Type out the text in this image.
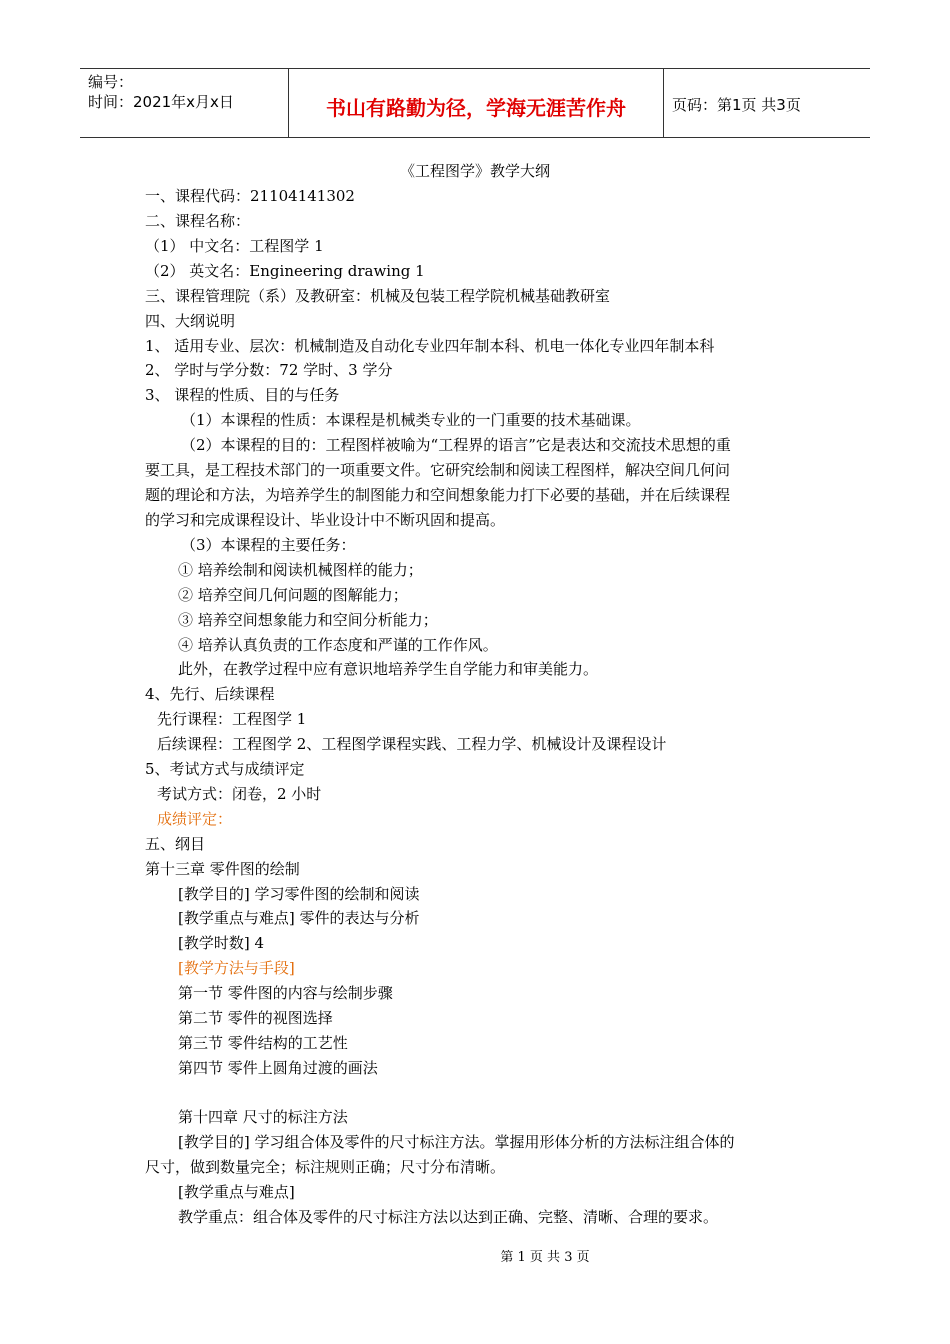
编号：
时间：2021年x月x日	书山有路勤为径，学海无涯苦作舟	页码：第1页 共3页
《工程图学》教学大纲
一、课程代码：21104141302
二、课程名称：
（1） 中文名：工程图学 1
（2） 英文名：Engineering drawing 1
三、课程管理院（系）及教研室：机械及包装工程学院机械基础教研室
四、大纲说明
1、 适用专业、层次：机械制造及自动化专业四年制本科、机电一体化专业四年制本科
2、 学时与学分数：72 学时、3 学分
3、 课程的性质、目的与任务
（1）本课程的性质：本课程是机械类专业的一门重要的技术基础课。
（2）本课程的目的：工程图样被喻为“工程界的语言”它是表达和交流技术思想的重
要工具，是工程技术部门的一项重要文件。它研究绘制和阅读工程图样，解决空间几何问
题的理论和方法，为培养学生的制图能力和空间想象能力打下必要的基础，并在后续课程
的学习和完成课程设计、毕业设计中不断巩固和提高。
（3）本课程的主要任务：
① 培养绘制和阅读机械图样的能力；
② 培养空间几何问题的图解能力；
③ 培养空间想象能力和空间分析能力；
④ 培养认真负责的工作态度和严谨的工作作风。
此外，在教学过程中应有意识地培养学生自学能力和审美能力。
4、先行、后续课程
先行课程：工程图学 1
后续课程：工程图学 2、工程图学课程实践、工程力学、机械设计及课程设计
5、考试方式与成绩评定
考试方式：闭卷，2 小时
成绩评定：
五、纲目
第十三章 零件图的绘制
[教学目的] 学习零件图的绘制和阅读
[教学重点与难点] 零件的表达与分析
[教学时数] 4
[教学方法与手段]
第一节 零件图的内容与绘制步骤
第二节 零件的视图选择
第三节 零件结构的工艺性
第四节 零件上圆角过渡的画法
第十四章 尺寸的标注方法
[教学目的] 学习组合体及零件的尺寸标注方法。掌握用形体分析的方法标注组合体的
尺寸，做到数量完全；标注规则正确；尺寸分布清晰。
[教学重点与难点]
教学重点：组合体及零件的尺寸标注方法以达到正确、完整、清晰、合理的要求。
第 1 页 共 3 页
